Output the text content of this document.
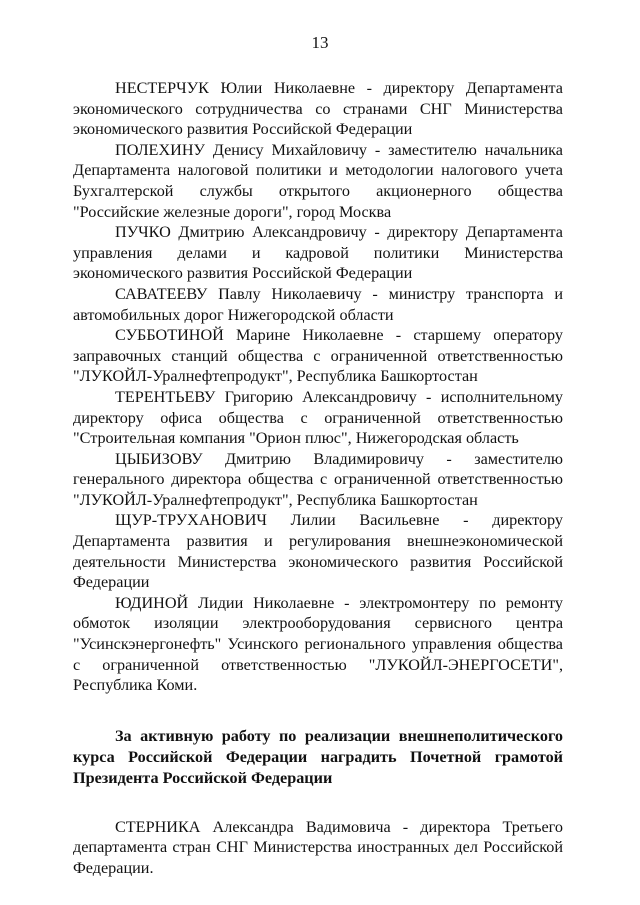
13

НЕСТЕРЧУК Юлии Николаевне - директору Департамента экономического сотрудничества со странами СНГ Министерства экономического развития Российской Федерации

ПОЛЕХИНУ Денису Михайловичу - заместителю начальника Департамента налоговой политики и методологии налогового учета Бухгалтерской службы открытого акционерного общества "Российские железные дороги", город Москва

ПУЧКО Дмитрию Александровичу - директору Департамента управления делами и кадровой политики Министерства экономического развития Российской Федерации

САВАТЕЕВУ Павлу Николаевичу - министру транспорта и автомобильных дорог Нижегородской области

СУББОТИНОЙ Марине Николаевне - старшему оператору заправочных станций общества с ограниченной ответственностью "ЛУКОЙЛ-Уралнефтепродукт", Республика Башкортостан

ТЕРЕНТЬЕВУ Григорию Александровичу - исполнительному директору офиса общества с ограниченной ответственностью "Строительная компания "Орион плюс", Нижегородская область

ЦЫБИЗОВУ Дмитрию Владимировичу - заместителю генерального директора общества с ограниченной ответственностью "ЛУКОЙЛ-Уралнефтепродукт", Республика Башкортостан

ЩУР-ТРУХАНОВИЧ Лилии Васильевне - директору Департамента развития и регулирования внешнеэкономической деятельности Министерства экономического развития Российской Федерации

ЮДИНОЙ Лидии Николаевне - электромонтеру по ремонту обмоток изоляции электрооборудования сервисного центра "Усинскэнергонефть" Усинского регионального управления общества с ограниченной ответственностью "ЛУКОЙЛ-ЭНЕРГОСЕТИ", Республика Коми.

За активную работу по реализации внешнеполитического курса Российской Федерации наградить Почетной грамотой Президента Российской Федерации

СТЕРНИКА Александра Вадимовича - директора Третьего департамента стран СНГ Министерства иностранных дел Российской Федерации.
